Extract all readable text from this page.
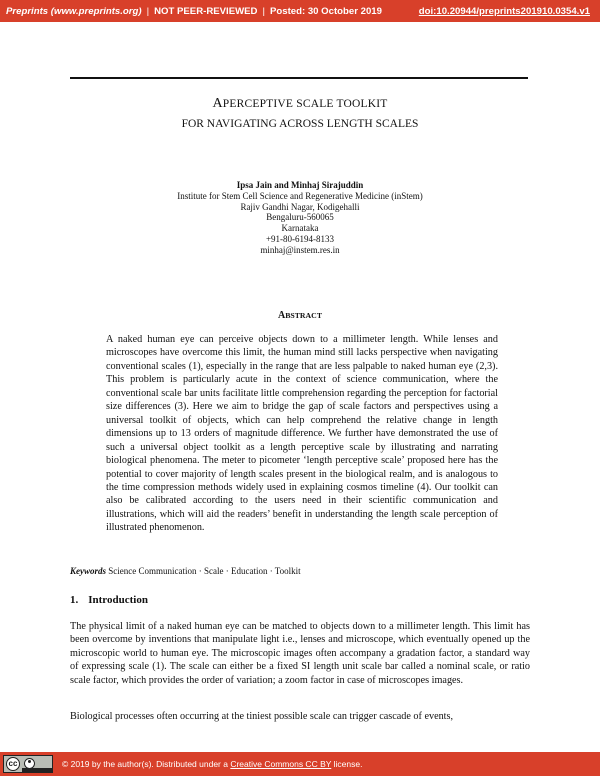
Preprints (www.preprints.org) | NOT PEER-REVIEWED | Posted: 30 October 2019	doi:10.20944/preprints201910.0354.v1
APERCEPTIVE SCALE TOOLKIT
FOR NAVIGATING ACROSS LENGTH SCALES
Ipsa Jain and Minhaj Sirajuddin
Institute for Stem Cell Science and Regenerative Medicine (inStem)
Rajiv Gandhi Nagar, Kodigehalli
Bengaluru-560065
Karnataka
+91-80-6194-8133
minhaj@instem.res.in
ABSTRACT
A naked human eye can perceive objects down to a millimeter length. While lenses and microscopes have overcome this limit, the human mind still lacks perspective when navigating conventional scales (1), especially in the range that are less palpable to naked human eye (2,3). This problem is particularly acute in the context of science communication, where the conventional scale bar units facilitate little comprehension regarding the perception for factorial size differences (3). Here we aim to bridge the gap of scale factors and perspectives using a universal toolkit of objects, which can help comprehend the relative change in length dimensions up to 13 orders of magnitude difference. We further have demonstrated the use of such a universal object toolkit as a length perceptive scale by illustrating and narrating biological phenomena. The meter to picometer ‘length perceptive scale’ proposed here has the potential to cover majority of length scales present in the biological realm, and is analogous to the time compression methods widely used in explaining cosmos timeline (4). Our toolkit can also be calibrated according to the users need in their scientific communication and illustrations, which will aid the readers’ benefit in understanding the length scale perception of illustrated phenomenon.
Keywords Science Communication · Scale · Education · Toolkit
1. Introduction
The physical limit of a naked human eye can be matched to objects down to a millimeter length. This limit has been overcome by inventions that manipulate light i.e., lenses and microscope, which eventually opened up the microscopic world to human eye. The microscopic images often accompany a gradation factor, a standard way of expressing scale (1). The scale can either be a fixed SI length unit scale bar called a nominal scale, or ratio scale factor, which provides the order of variation; a zoom factor in case of microscopes images.
Biological processes often occurring at the tiniest possible scale can trigger cascade of events,
cc	© 2019 by the author(s). Distributed under a Creative Commons CC BY license.
